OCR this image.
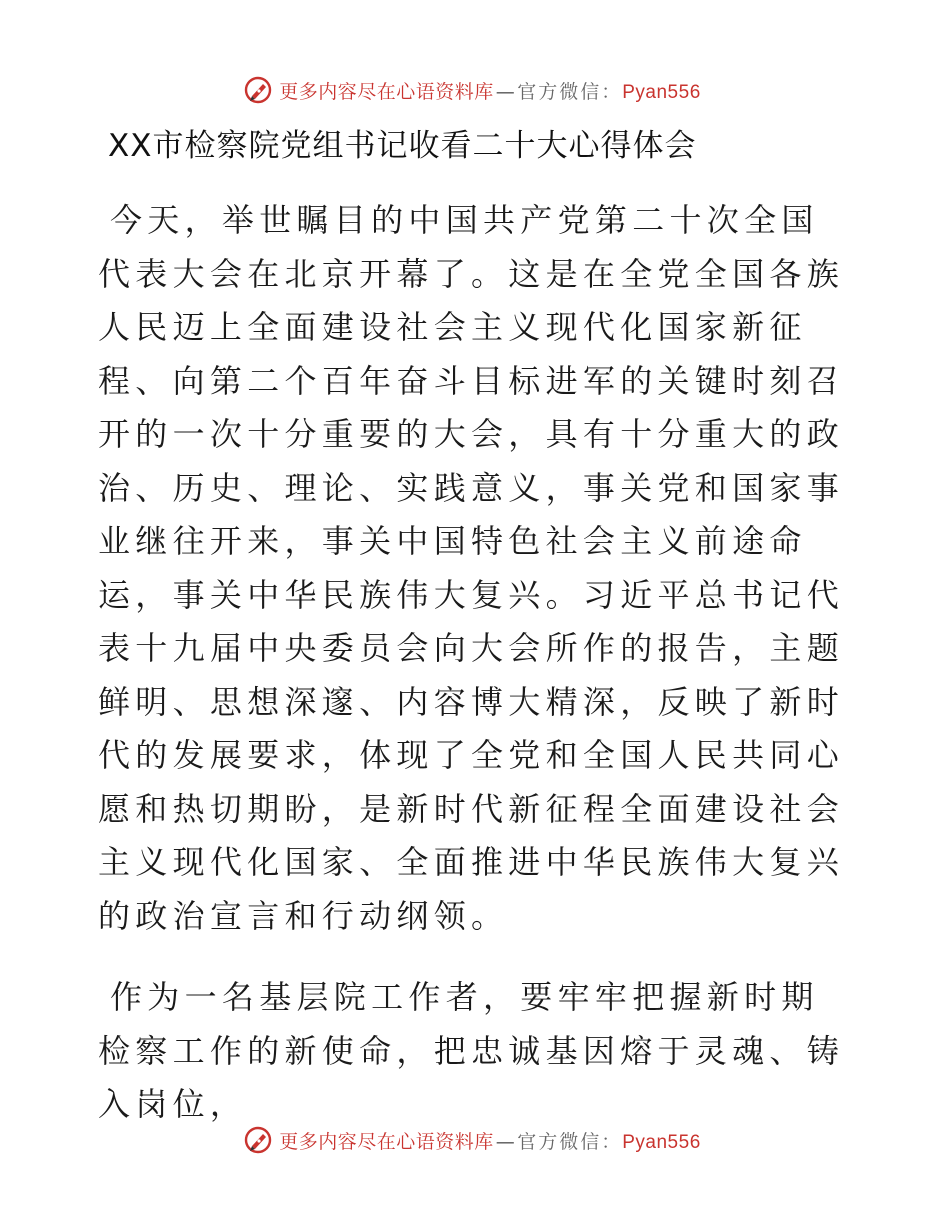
更多内容尽在心语资料库 — 官方微信：Pyan556
XX市检察院党组书记收看二十大心得体会

今天，举世瞩目的中国共产党第二十次全国代表大会在北京开幕了。这是在全党全国各族人民迈上全面建设社会主义现代化国家新征程、向第二个百年奋斗目标进军的关键时刻召开的一次十分重要的大会，具有十分重大的政治、历史、理论、实践意义，事关党和国家事业继往开来，事关中国特色社会主义前途命运，事关中华民族伟大复兴。习近平总书记代表十九届中央委员会向大会所作的报告，主题鲜明、思想深邃、内容博大精深，反映了新时代的发展要求，体现了全党和全国人民共同心愿和热切期盼，是新时代新征程全面建设社会主义现代化国家、全面推进中华民族伟大复兴的政治宣言和行动纲领。

作为一名基层院工作者，要牢牢把握新时期检察工作的新使命，把忠诚基因熔于灵魂、铸入岗位，

更多内容尽在心语资料库 — 官方微信：Pyan556
